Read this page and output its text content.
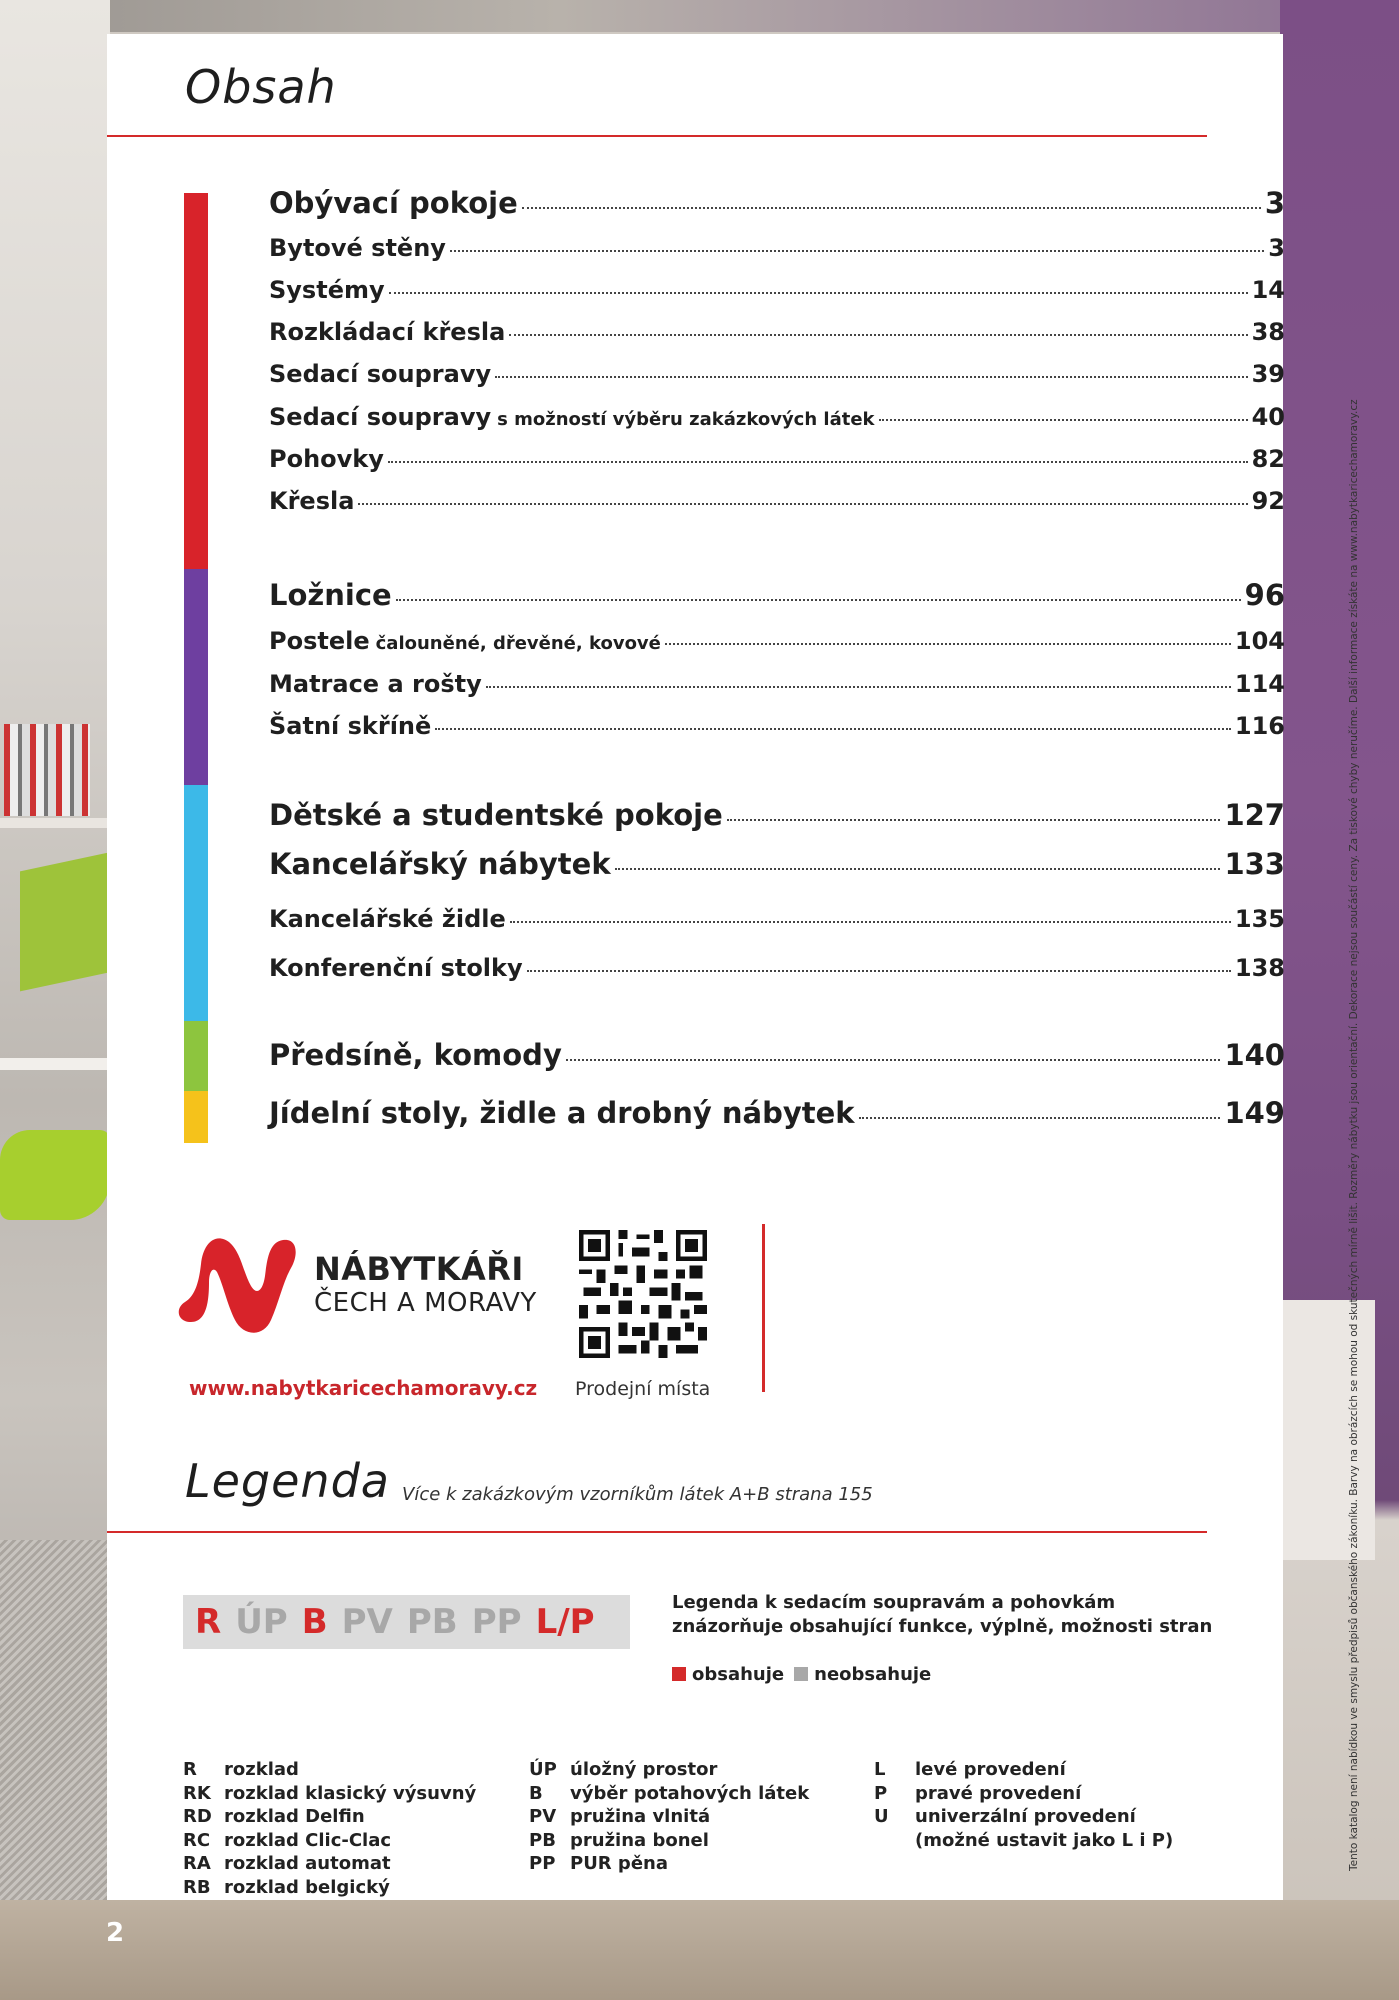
Obsah
Obývací pokoje	3
Bytové stěny	3
Systémy	14
Rozkládací křesla	38
Sedací soupravy	39
Sedací soupravy s možností výběru zakázkových látek	40
Pohovky	82
Křesla	92
Ložnice	96
Postele čalouněné, dřevěné, kovové	104
Matrace a rošty	114
Šatní skříně	116
Dětské a studentské pokoje	127
Kancelářský nábytek	133
Kancelářské židle	135
Konferenční stolky	138
Předsíně, komody	140
Jídelní stoly, židle a drobný nábytek	149
NÁBYTKÁŘI
ČECH A MORAVY
www.nabytkaricechamoravy.cz Prodejní místa
Legenda Více k zakázkovým vzorníkům látek A+B strana 155
R ÚP B PV PB PP L/P	Legenda k sedacím soupravám a pohovkám
znázorňuje obsahující funkce, výplně, možnosti stran
obsahuje	neobsahuje
R	rozklad
RK rozklad klasický výsuvný
RD rozklad Delfin
RC rozklad Clic-Clac
RA rozklad automat
RB rozklad belgický
ÚP úložný prostor
B	výběr potahových látek
PV pružina vlnitá
PB pružina bonel
PP PUR pěna
L	levé provedení
P	pravé provedení
U	univerzální provedení
(možné ustavit jako L i P)	Tento katalog není nabídkou ve smyslu předpisů občanského zákoníku. Barvy na obrázcích se mohou od skutečných mírně lišit. Rozměry nábytku jsou orientační. Dekorace nejsou součástí ceny. Za tiskové chyby neručíme. Další informace získáte na www.nabytkaricechamoravy.cz
2
